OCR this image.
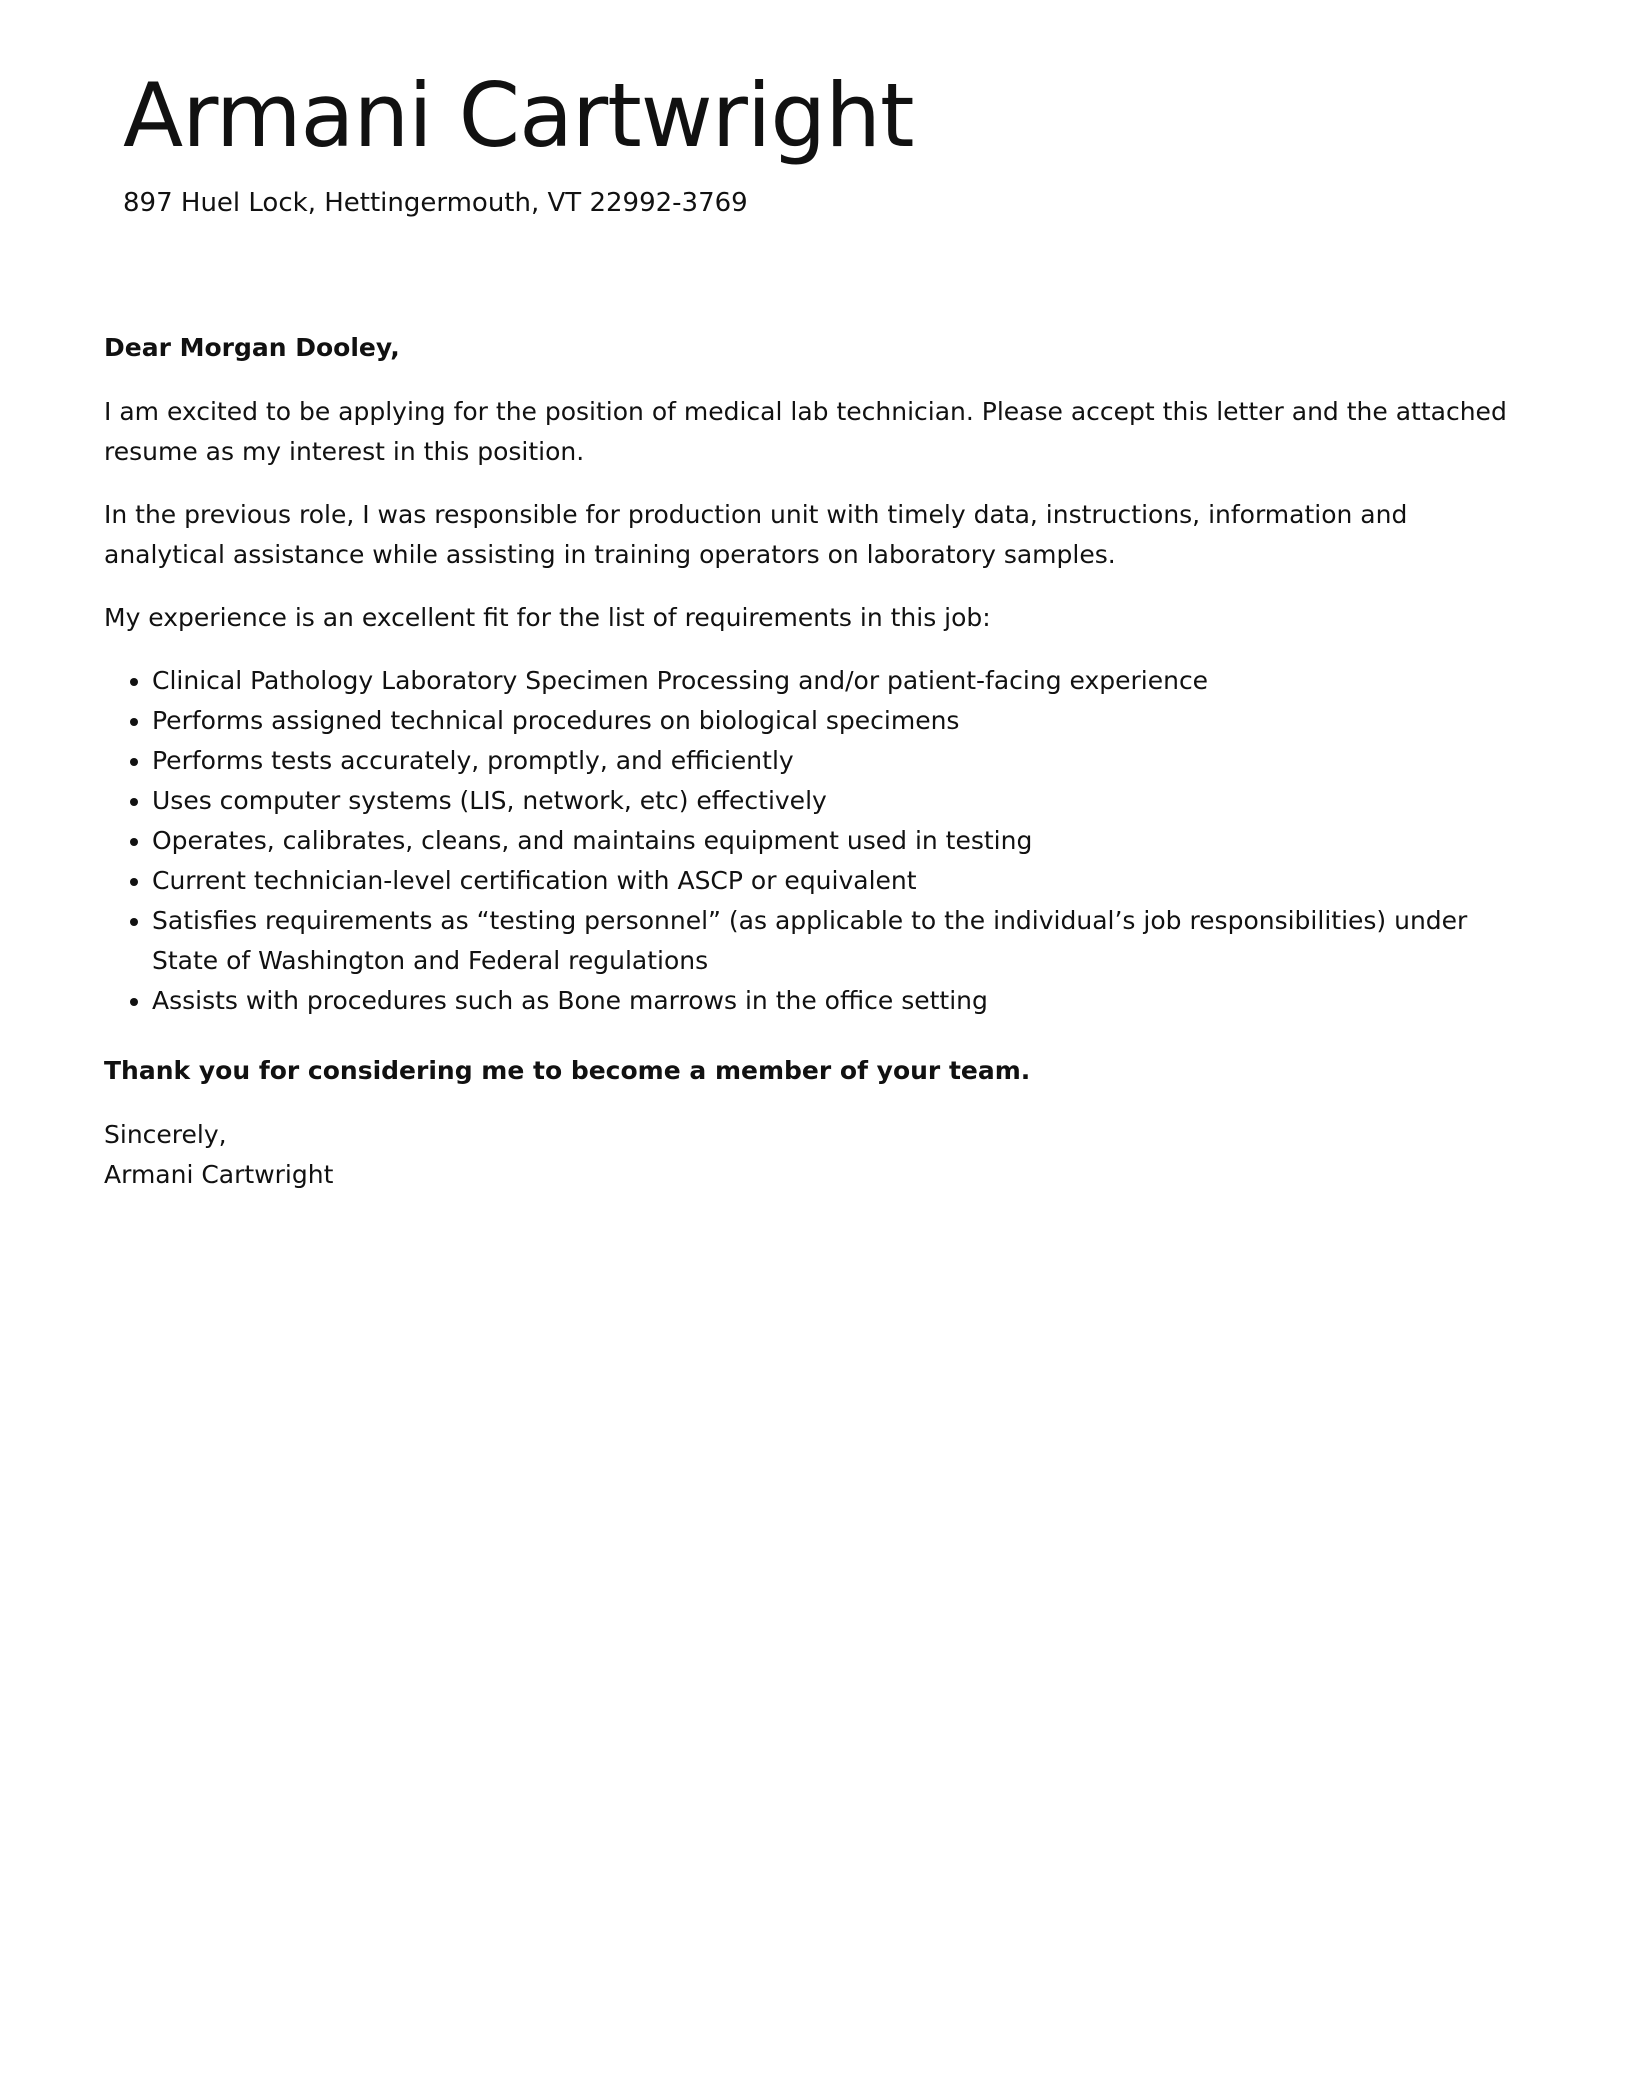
Armani Cartwright
897 Huel Lock, Hettingermouth, VT 22992-3769

Dear Morgan Dooley,

I am excited to be applying for the position of medical lab technician. Please accept this letter and the attached resume as my interest in this position.

In the previous role, I was responsible for production unit with timely data, instructions, information and analytical assistance while assisting in training operators on laboratory samples.

My experience is an excellent fit for the list of requirements in this job:

• Clinical Pathology Laboratory Specimen Processing and/or patient-facing experience
• Performs assigned technical procedures on biological specimens
• Performs tests accurately, promptly, and efficiently
• Uses computer systems (LIS, network, etc) effectively
• Operates, calibrates, cleans, and maintains equipment used in testing
• Current technician-level certification with ASCP or equivalent
• Satisfies requirements as “testing personnel” (as applicable to the individual’s job responsibilities) under State of Washington and Federal regulations
• Assists with procedures such as Bone marrows in the office setting

Thank you for considering me to become a member of your team.

Sincerely,

Armani Cartwright
